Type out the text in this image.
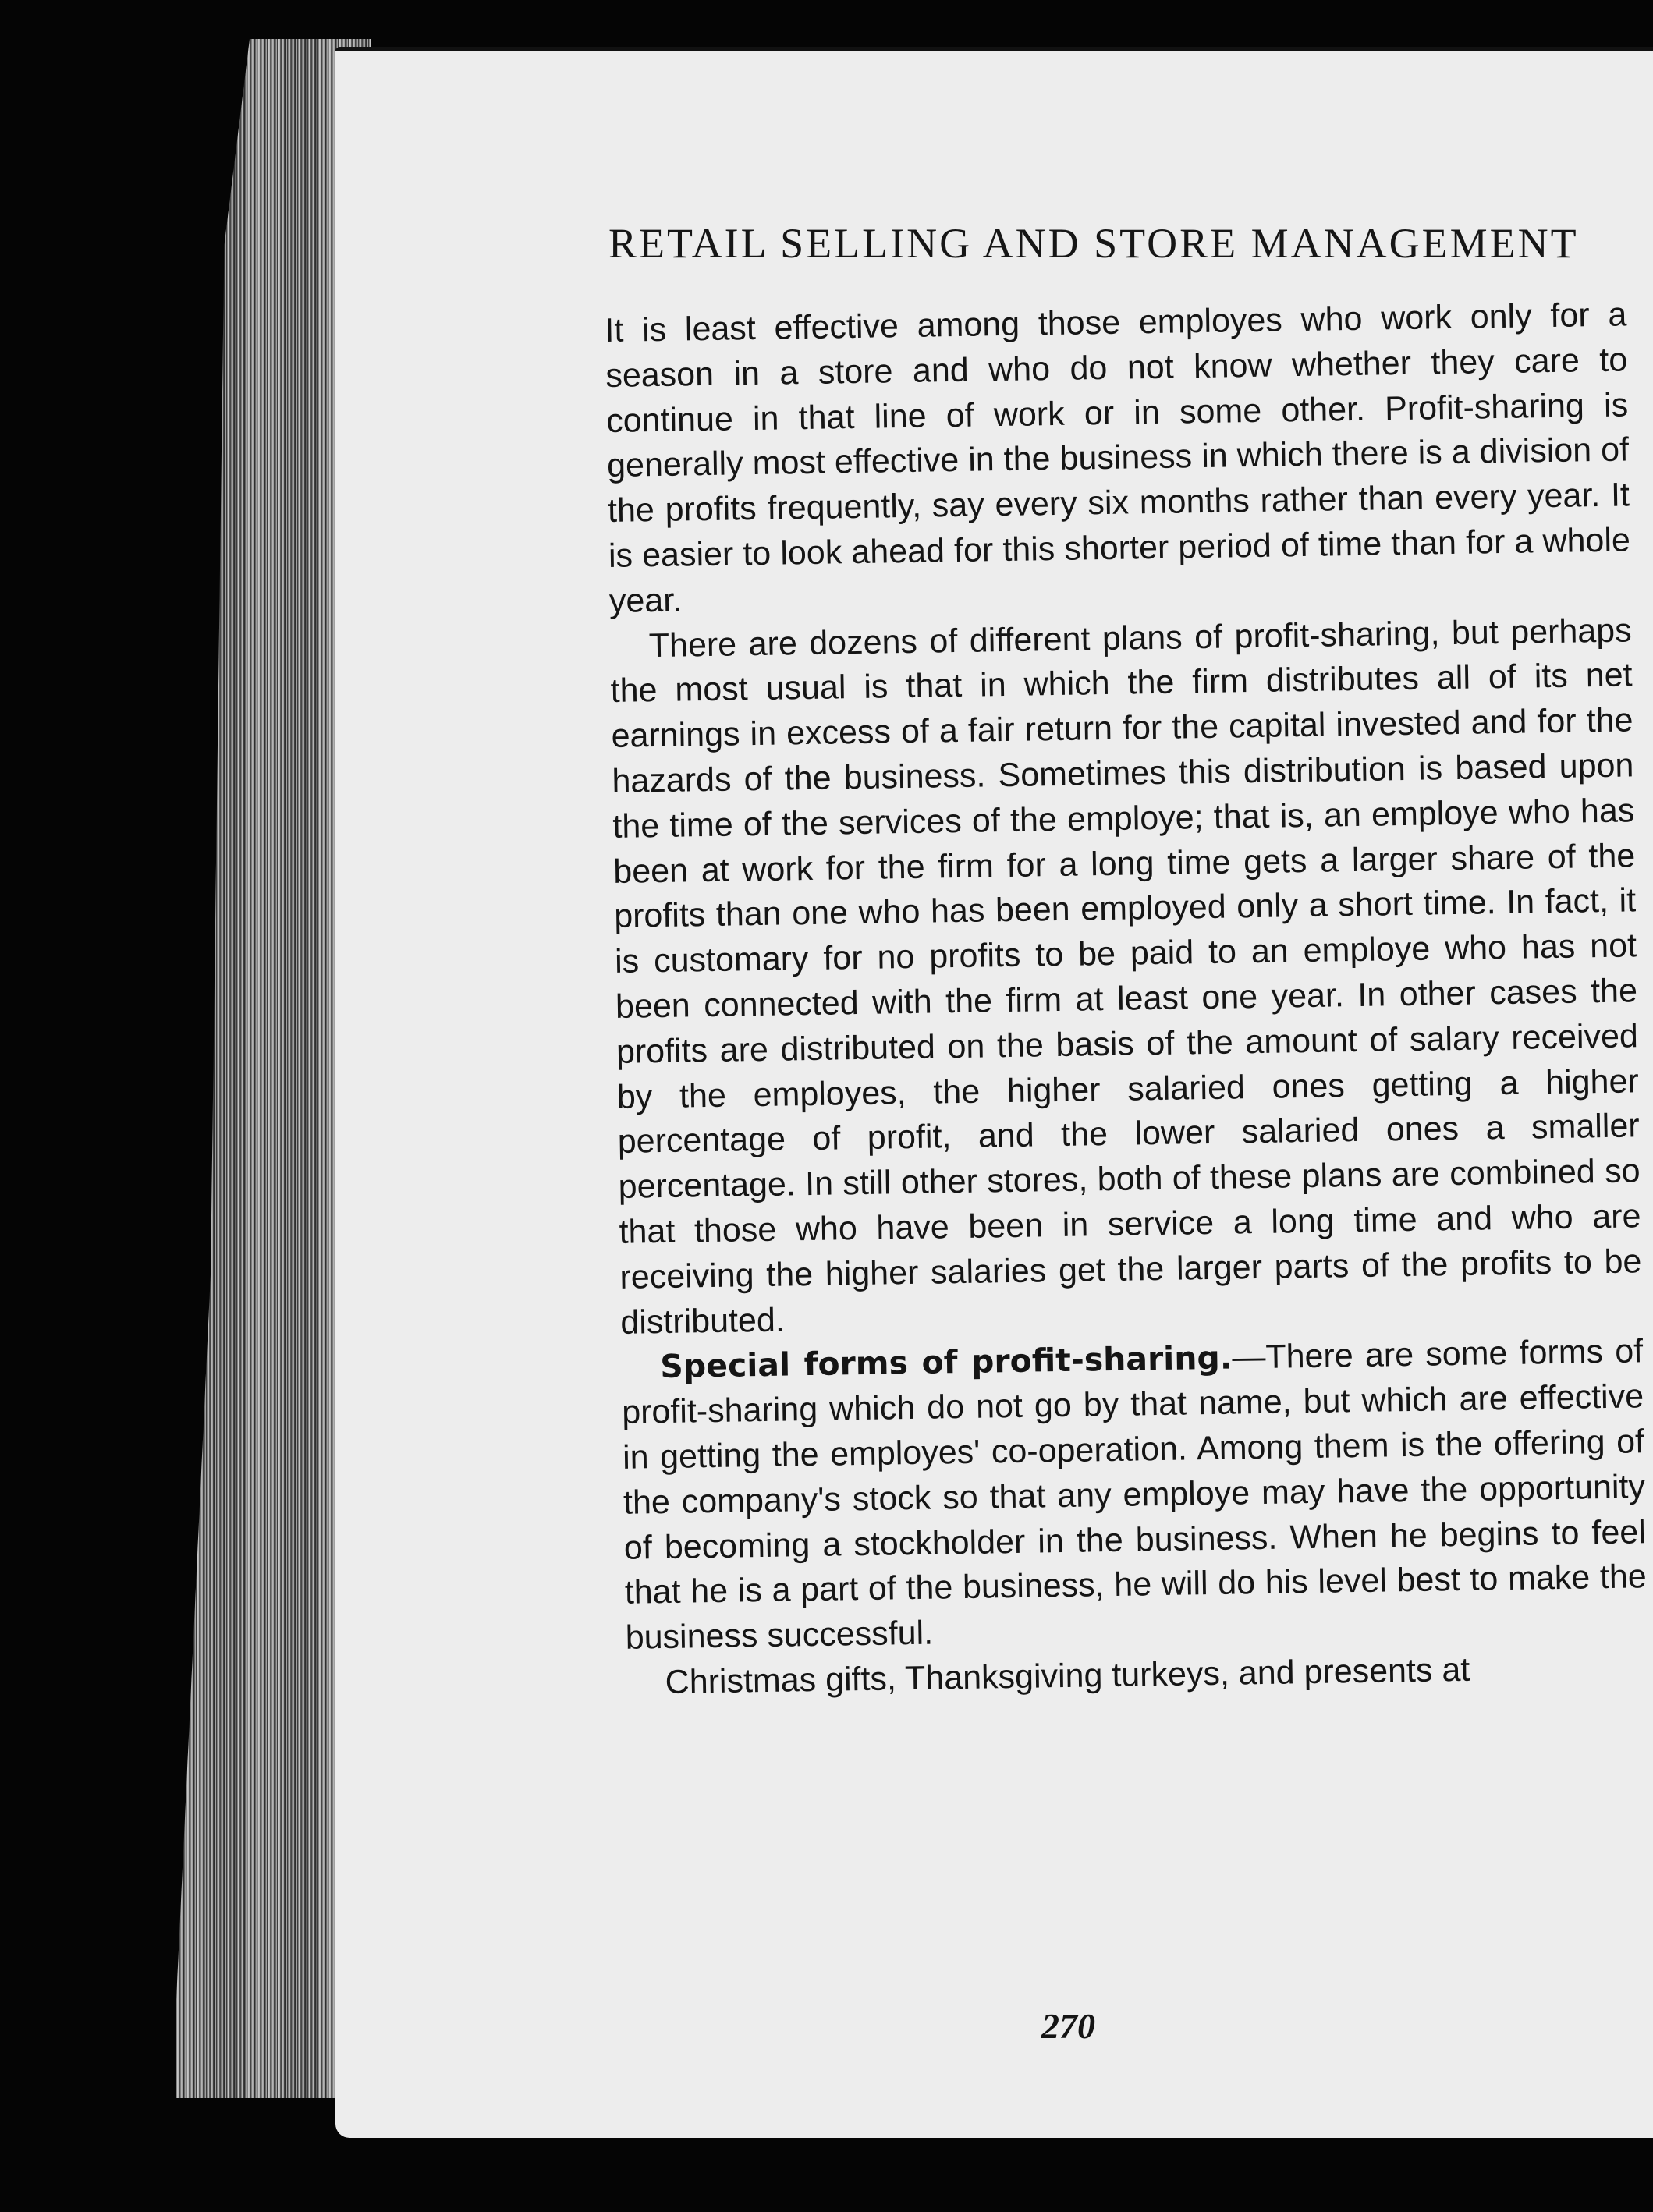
RETAIL SELLING AND STORE MANAGEMENT

It is least effective among those employes who work only for a season in a store and who do not know whether they care to continue in that line of work or in some other. Profit-sharing is generally most effective in the business in which there is a division of the profits frequently, say every six months rather than every year. It is easier to look ahead for this shorter period of time than for a whole year.

There are dozens of different plans of profit-sharing, but perhaps the most usual is that in which the firm distributes all of its net earnings in excess of a fair return for the capital invested and for the hazards of the business. Sometimes this distribution is based upon the time of the services of the employe; that is, an employe who has been at work for the firm for a long time gets a larger share of the profits than one who has been employed only a short time. In fact, it is customary for no profits to be paid to an employe who has not been connected with the firm at least one year. In other cases the profits are distributed on the basis of the amount of salary received by the employes, the higher salaried ones getting a higher percentage of profit, and the lower salaried ones a smaller percentage. In still other stores, both of these plans are combined so that those who have been in service a long time and who are receiving the higher salaries get the larger parts of the profits to be distributed.

Special forms of profit-sharing.—There are some forms of profit-sharing which do not go by that name, but which are effective in getting the employes' co-operation. Among them is the offering of the company's stock so that any employe may have the opportunity of becoming a stockholder in the business. When he begins to feel that he is a part of the business, he will do his level best to make the business successful.

Christmas gifts, Thanksgiving turkeys, and presents at

270
